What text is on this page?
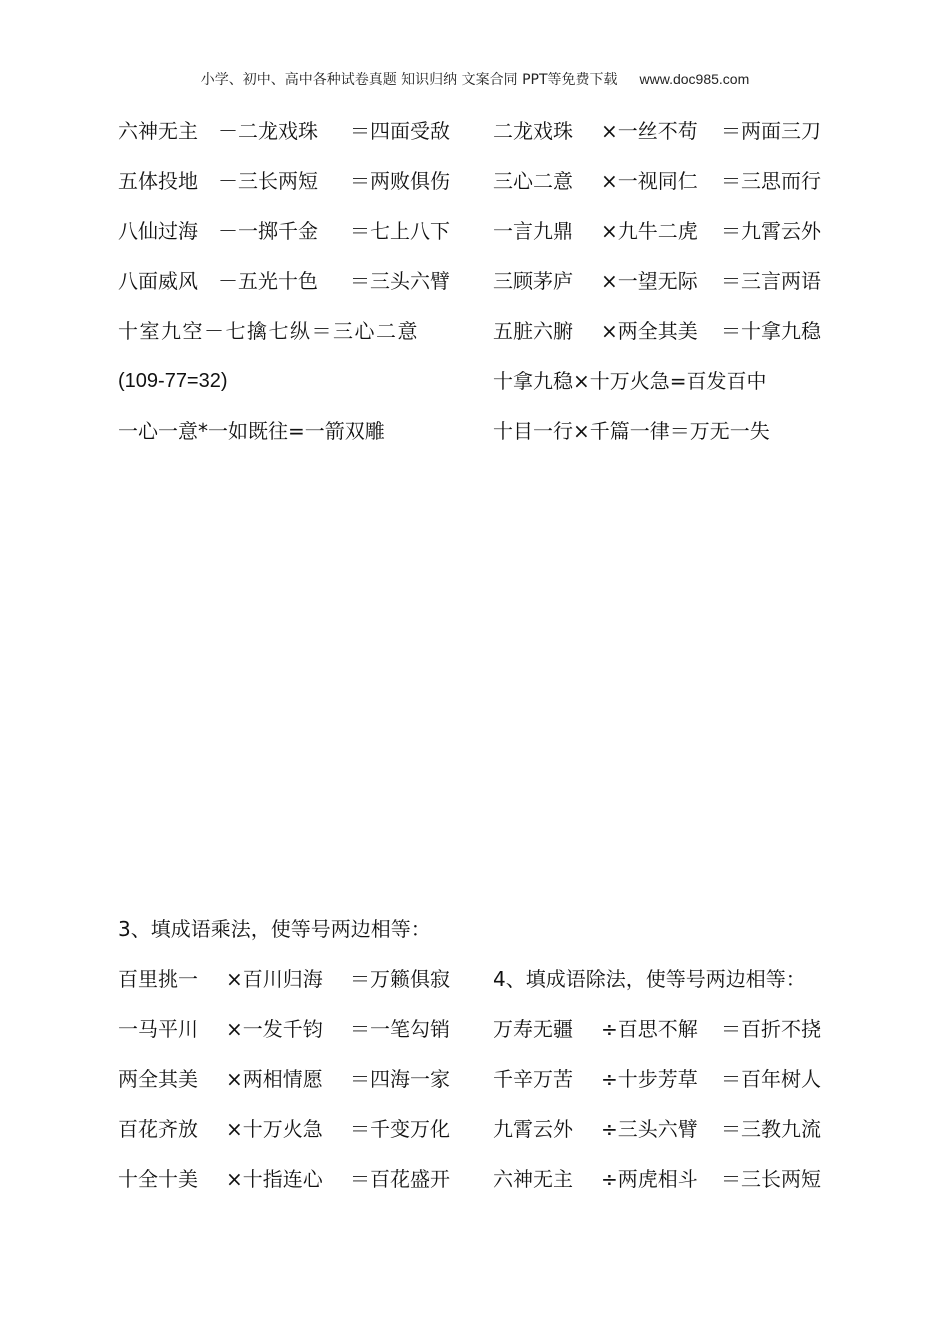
小学、初中、高中各种试卷真题 知识归纳 文案合同 PPT等免费下载 www.doc985.com
六神无主 －二龙戏珠 ＝四面受敌
五体投地 －三长两短 ＝两败俱伤
八仙过海 －一掷千金 ＝七上八下
八面威风 －五光十色 ＝三头六臂
十室九空－七擒七纵＝三心二意
(109-77=32)
一心一意*一如既往=一箭双雕
二龙戏珠 ×一丝不苟 ＝两面三刀
三心二意 ×一视同仁 ＝三思而行
一言九鼎 ×九牛二虎 ＝九霄云外
三顾茅庐 ×一望无际 ＝三言两语
五脏六腑 ×两全其美 ＝十拿九稳
十拿九稳×十万火急=百发百中
十目一行×千篇一律＝万无一失
3、填成语乘法，使等号两边相等：
百里挑一 ×百川归海 ＝万籁俱寂
一马平川 ×一发千钧 ＝一笔勾销
两全其美 ×两相情愿 ＝四海一家
百花齐放 ×十万火急 ＝千变万化
十全十美 ×十指连心 ＝百花盛开
4、填成语除法，使等号两边相等：
万寿无疆 ÷百思不解 ＝百折不挠
千辛万苦 ÷十步芳草 ＝百年树人
九霄云外 ÷三头六臂 ＝三教九流
六神无主 ÷两虎相斗 ＝三长两短
